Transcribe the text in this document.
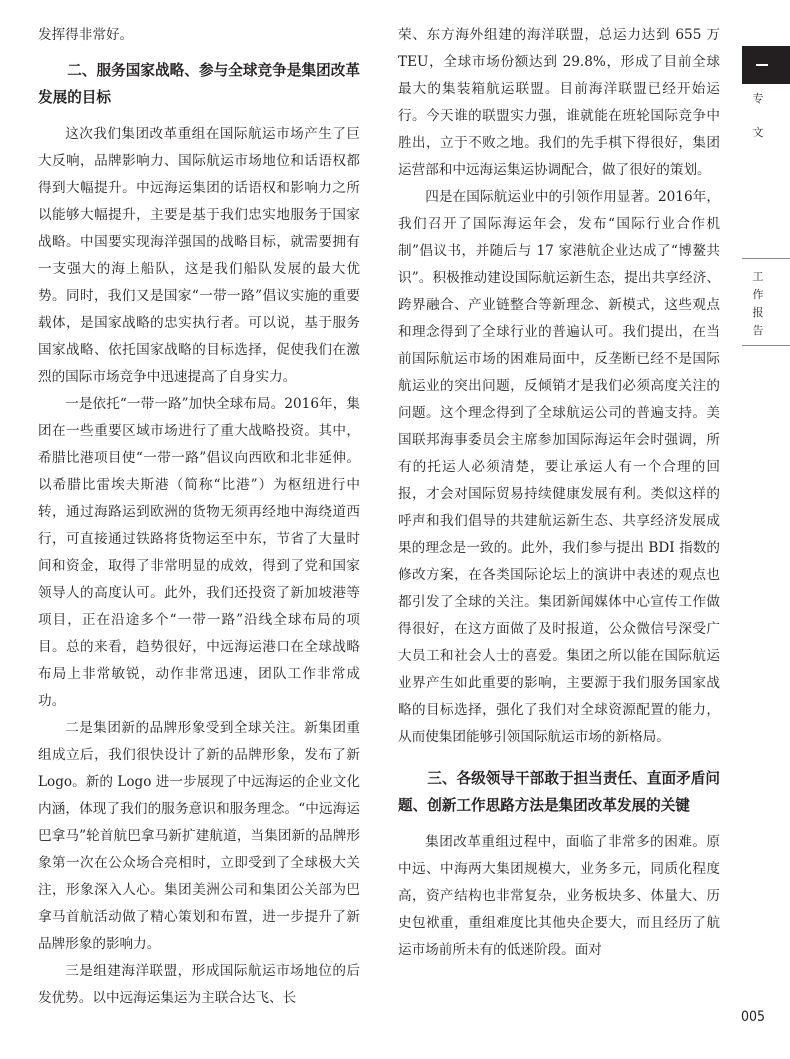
发挥得非常好。

二、服务国家战略、参与全球竞争是集团改革发展的目标

这次我们集团改革重组在国际航运市场产生了巨大反响，品牌影响力、国际航运市场地位和话语权都得到大幅提升。中远海运集团的话语权和影响力之所以能够大幅提升，主要是基于我们忠实地服务于国家战略。中国要实现海洋强国的战略目标，就需要拥有一支强大的海上船队，这是我们船队发展的最大优势。同时，我们又是国家“一带一路”倡议实施的重要载体，是国家战略的忠实执行者。可以说，基于服务国家战略、依托国家战略的目标选择，促使我们在激烈的国际市场竞争中迅速提高了自身实力。

一是依托“一带一路”加快全球布局。2016年，集团在一些重要区域市场进行了重大战略投资。其中，希腊比港项目使“一带一路”倡议向西欧和北非延伸。以希腊比雷埃夫斯港（简称“比港”）为枢纽进行中转，通过海路运到欧洲的货物无须再经地中海绕道西行，可直接通过铁路将货物运至中东，节省了大量时间和资金，取得了非常明显的成效，得到了党和国家领导人的高度认可。此外，我们还投资了新加坡港等项目，正在沿途多个“一带一路”沿线全球布局的项目。总的来看，趋势很好，中远海运港口在全球战略布局上非常敏锐，动作非常迅速，团队工作非常成功。

二是集团新的品牌形象受到全球关注。新集团重组成立后，我们很快设计了新的品牌形象，发布了新 Logo。新的 Logo 进一步展现了中远海运的企业文化内涵，体现了我们的服务意识和服务理念。“中远海运巴拿马”轮首航巴拿马新扩建航道，当集团新的品牌形象第一次在公众场合亮相时，立即受到了全球极大关注，形象深入人心。集团美洲公司和集团公关部为巴拿马首航活动做了精心策划和布置，进一步提升了新品牌形象的影响力。

三是组建海洋联盟，形成国际航运市场地位的后发优势。以中远海运集运为主联合达飞、长

荣、东方海外组建的海洋联盟，总运力达到 655 万 TEU，全球市场份额达到 29.8%，形成了目前全球最大的集装箱航运联盟。目前海洋联盟已经开始运行。今天谁的联盟实力强，谁就能在班轮国际竞争中胜出，立于不败之地。我们的先手棋下得很好，集团运营部和中远海运集运协调配合，做了很好的策划。

四是在国际航运业中的引领作用显著。2016年，我们召开了国际海运年会，发布“国际行业合作机制”倡议书，并随后与 17 家港航企业达成了“博鳌共识”。积极推动建设国际航运新生态，提出共享经济、跨界融合、产业链整合等新理念、新模式，这些观点和理念得到了全球行业的普遍认可。我们提出，在当前国际航运市场的困难局面中，反垄断已经不是国际航运业的突出问题，反倾销才是我们必须高度关注的问题。这个理念得到了全球航运公司的普遍支持。美国联邦海事委员会主席参加国际海运年会时强调，所有的托运人必须清楚，要让承运人有一个合理的回报，才会对国际贸易持续健康发展有利。类似这样的呼声和我们倡导的共建航运新生态、共享经济发展成果的理念是一致的。此外，我们参与提出 BDI 指数的修改方案，在各类国际论坛上的演讲中表述的观点也都引发了全球的关注。集团新闻媒体中心宣传工作做得很好，在这方面做了及时报道，公众微信号深受广大员工和社会人士的喜爱。集团之所以能在国际航运业界产生如此重要的影响，主要源于我们服务国家战略的目标选择，强化了我们对全球资源配置的能力，从而使集团能够引领国际航运市场的新格局。

三、各级领导干部敢于担当责任、直面矛盾问题、创新工作思路方法是集团改革发展的关键

集团改革重组过程中，面临了非常多的困难。原中远、中海两大集团规模大，业务多元，同质化程度高，资产结构也非常复杂，业务板块多、体量大、历史包袱重，重组难度比其他央企要大，而且经历了航运市场前所未有的低迷阶段。面对

专
文
工
作
报
告
005
